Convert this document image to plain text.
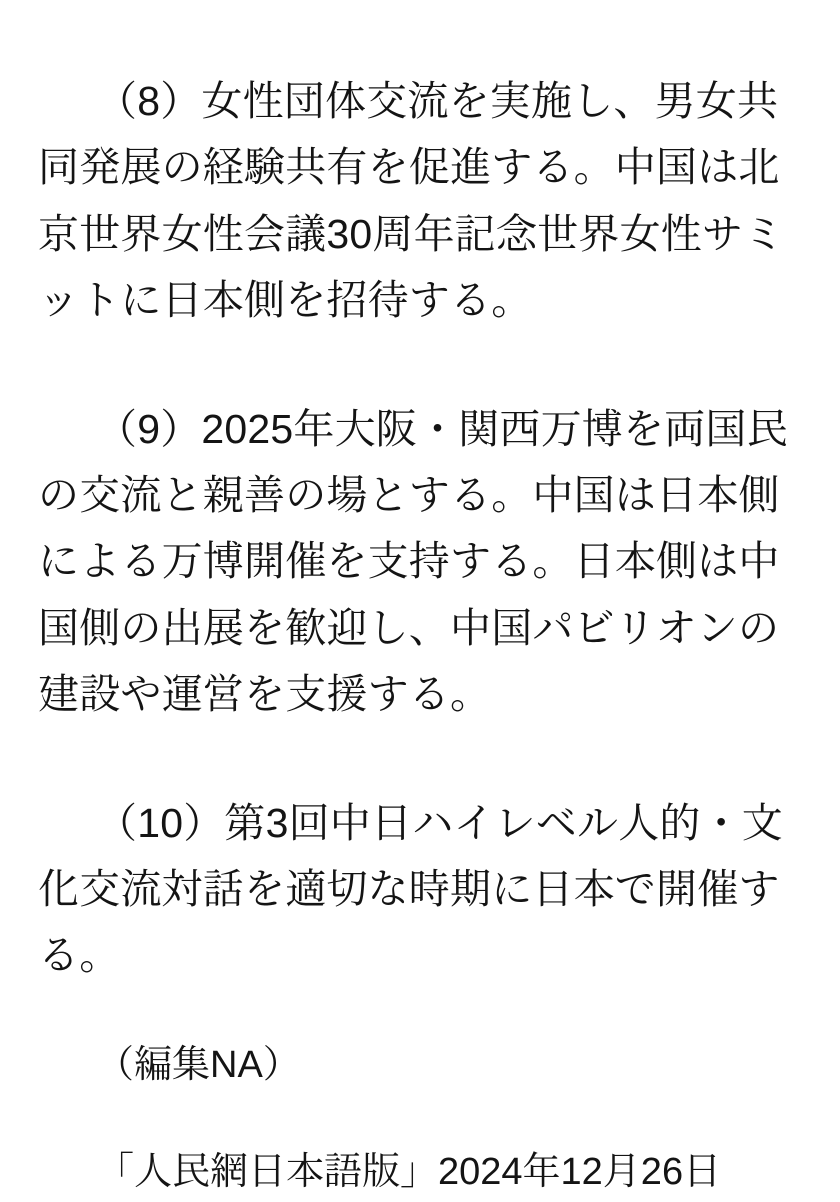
（8）女性団体交流を実施し、男女共同発展の経験共有を促進する。中国は北京世界女性会議30周年記念世界女性サミットに日本側を招待する。

（9）2025年大阪・関西万博を両国民の交流と親善の場とする。中国は日本側による万博開催を支持する。日本側は中国側の出展を歓迎し、中国パビリオンの建設や運営を支援する。

（10）第3回中日ハイレベル人的・文化交流対話を適切な時期に日本で開催する。

（編集NA）

「人民網日本語版」2024年12月26日
